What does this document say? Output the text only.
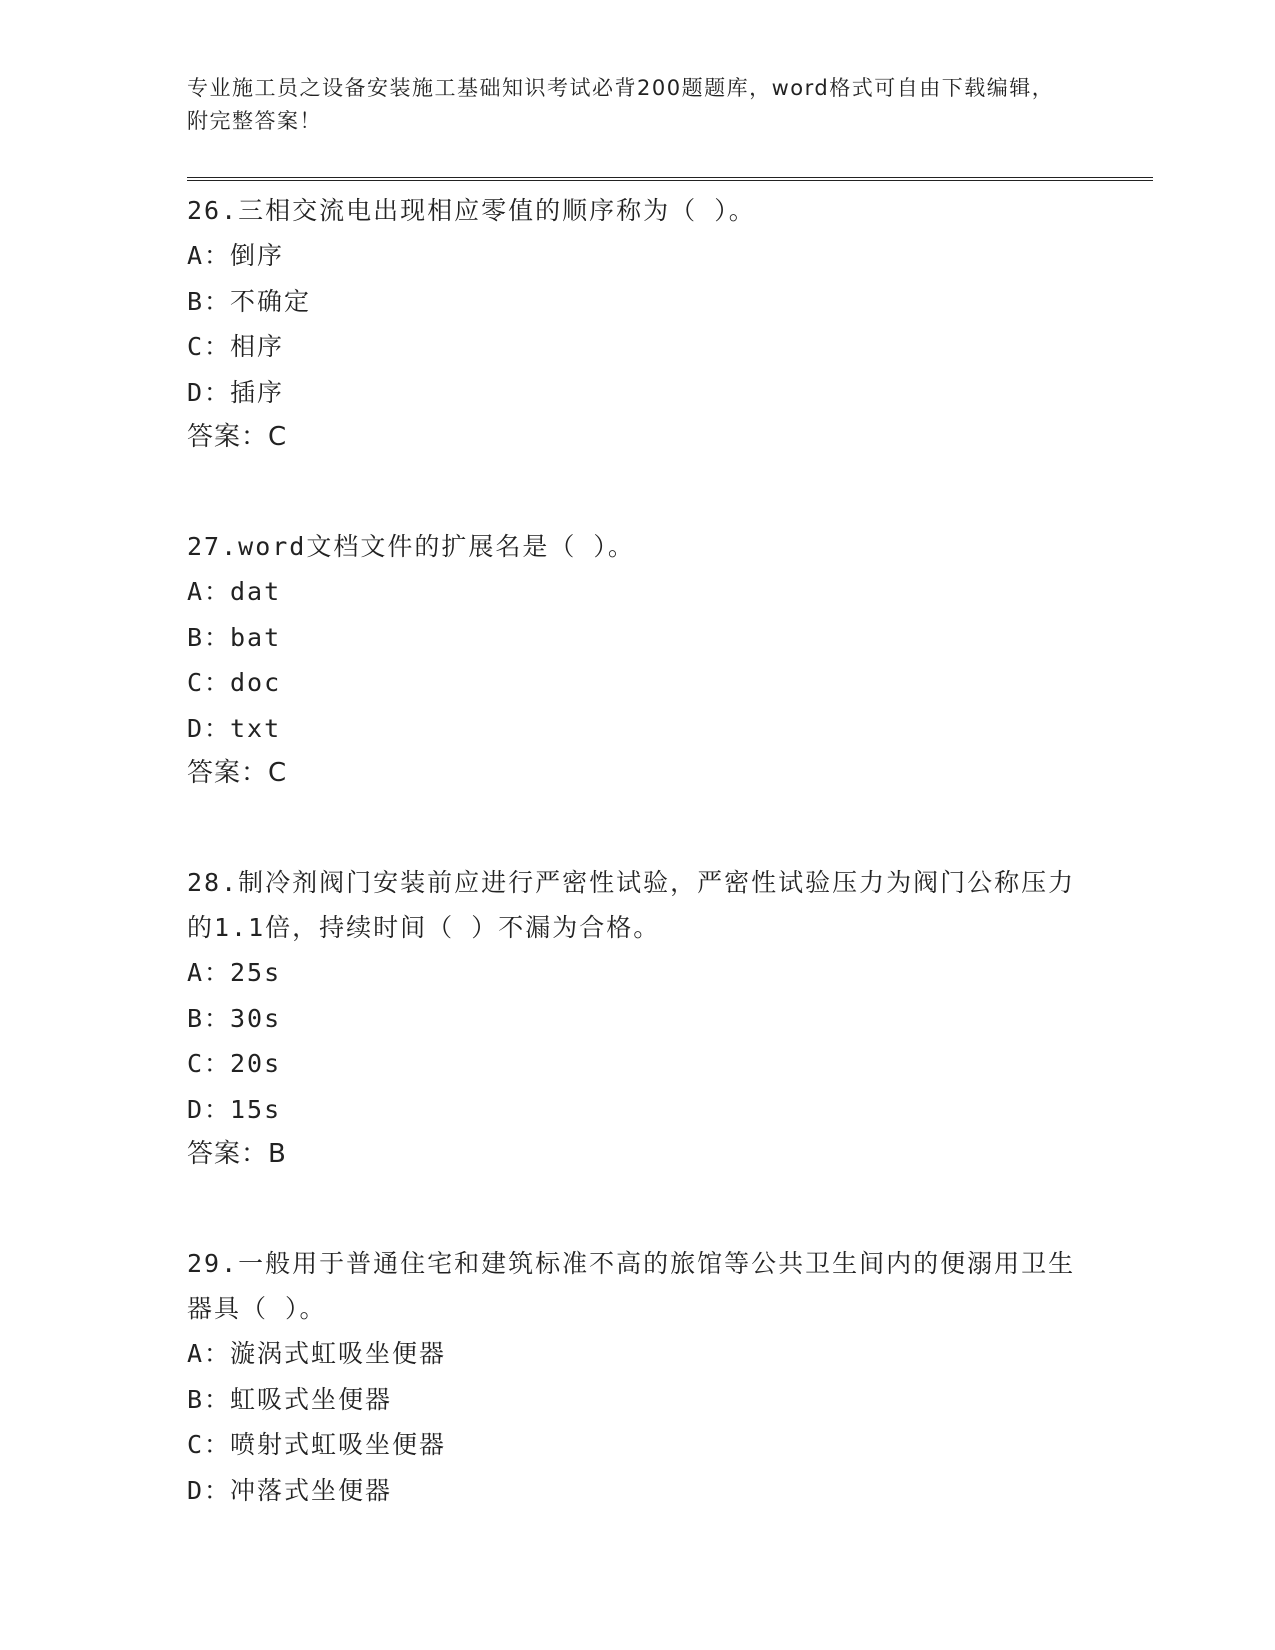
专业施工员之设备安装施工基础知识考试必背200题题库，word格式可自由下载编辑，附完整答案！

26.三相交流电出现相应零值的顺序称为（ ）。

A：倒序

B：不确定

C：相序

D：插序

答案：C

27.word文档文件的扩展名是（ ）。

A：dat

B：bat

C：doc

D：txt

答案：C

28.制冷剂阀门安装前应进行严密性试验，严密性试验压力为阀门公称压力的1.1倍，持续时间（ ）不漏为合格。

A：25s

B：30s

C：20s

D：15s

答案：B

29.一般用于普通住宅和建筑标准不高的旅馆等公共卫生间内的便溺用卫生器具（ ）。

A：漩涡式虹吸坐便器

B：虹吸式坐便器

C：喷射式虹吸坐便器

D：冲落式坐便器
